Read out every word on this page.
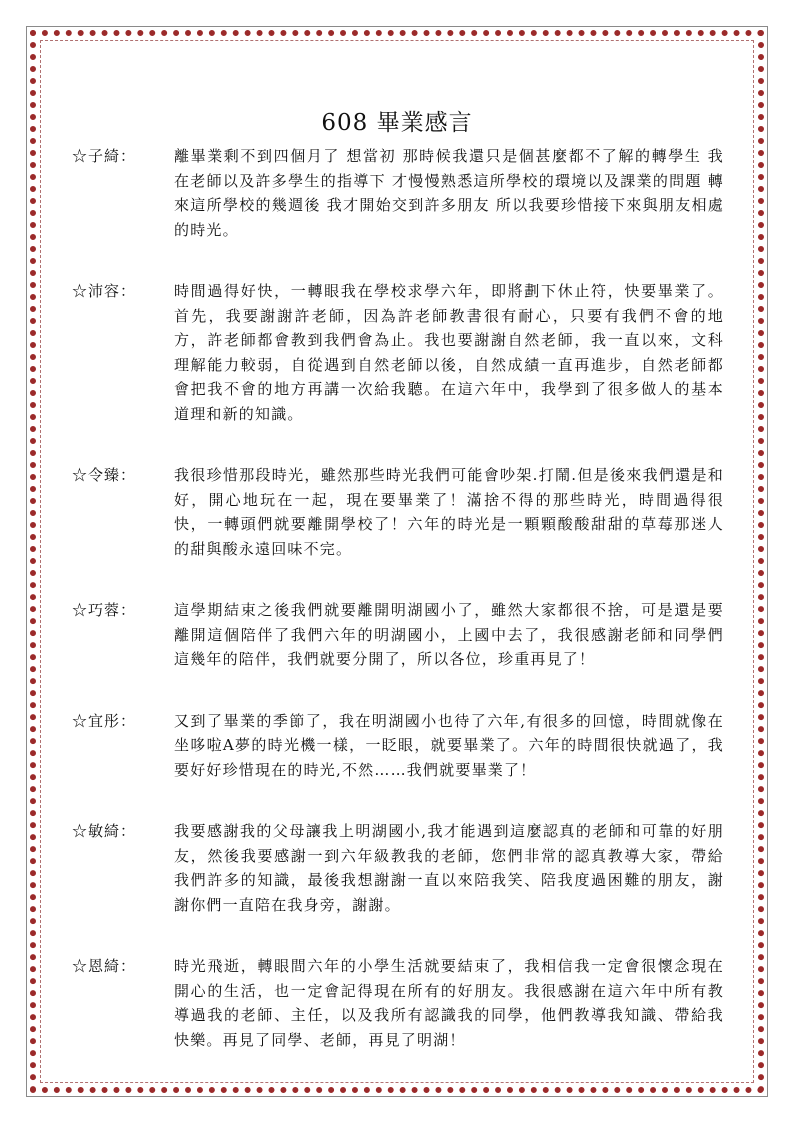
608 畢業感言
☆子綺：	離畢業剩不到四個月了 想當初 那時候我還只是個甚麼都不了解的轉學生 我在老師以及許多學生的指導下 才慢慢熟悉這所學校的環境以及課業的問題 轉來這所學校的幾週後 我才開始交到許多朋友 所以我要珍惜接下來與朋友相處的時光。
☆沛容：	時間過得好快，一轉眼我在學校求學六年，即將劃下休止符，快要畢業了。首先，我要謝謝許老師，因為許老師教書很有耐心，只要有我們不會的地方，許老師都會教到我們會為止。我也要謝謝自然老師，我一直以來，文科理解能力較弱，自從遇到自然老師以後，自然成績一直再進步，自然老師都會把我不會的地方再講一次給我聽。在這六年中，我學到了很多做人的基本道理和新的知識。
☆令臻：	我很珍惜那段時光，雖然那些時光我們可能會吵架.打鬧.但是後來我們還是和好，開心地玩在一起，現在要畢業了！滿捨不得的那些時光，時間過得很快，一轉頭們就要離開學校了！六年的時光是一顆顆酸酸甜甜的草莓那迷人的甜與酸永遠回味不完。
☆巧蓉：	這學期結束之後我們就要離開明湖國小了，雖然大家都很不捨，可是還是要離開這個陪伴了我們六年的明湖國小，上國中去了，我很感謝老師和同學們這幾年的陪伴，我們就要分開了，所以各位，珍重再見了！
☆宜彤：	又到了畢業的季節了，我在明湖國小也待了六年,有很多的回憶，時間就像在坐哆啦A夢的時光機一樣，一眨眼，就要畢業了。六年的時間很快就過了，我要好好珍惜現在的時光,不然……我們就要畢業了！
☆敏綺：	我要感謝我的父母讓我上明湖國小,我才能遇到這麼認真的老師和可靠的好朋友，然後我要感謝一到六年級教我的老師，您們非常的認真教導大家，帶給我們許多的知識，最後我想謝謝一直以來陪我笑、陪我度過困難的朋友，謝謝你們一直陪在我身旁，謝謝。
☆恩綺：	時光飛逝，轉眼間六年的小學生活就要結束了，我相信我一定會很懷念現在開心的生活，也一定會記得現在所有的好朋友。我很感謝在這六年中所有教導過我的老師、主任，以及我所有認識我的同學，他們教導我知識、帶給我快樂。再見了同學、老師，再見了明湖！
